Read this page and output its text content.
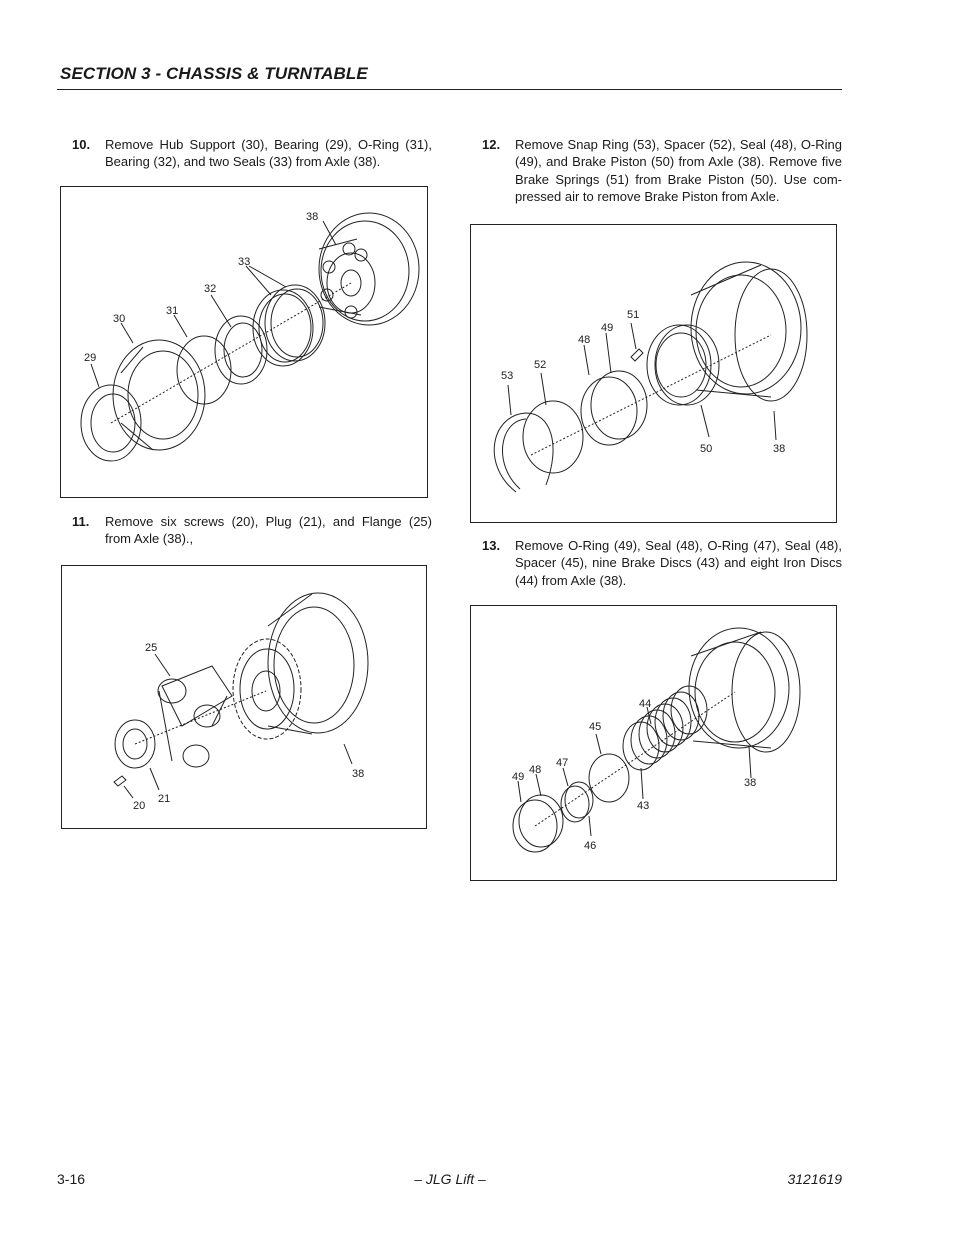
SECTION 3 - CHASSIS & TURNTABLE
10. Remove Hub Support (30), Bearing (29), O-Ring (31), Bearing (32), and two Seals (33) from Axle (38).
38
33
32
31
30
29
11. Remove six screws (20), Plug (21), and Flange (25) from Axle (38).,
25
38
21
20
12. Remove Snap Ring (53), Spacer (52), Seal (48), O-Ring (49), and Brake Piston (50) from Axle (38). Remove five Brake Springs (51) from Brake Piston (50). Use com-pressed air to remove Brake Piston from Axle.
51
49
48
52
53
50	38
13. Remove O-Ring (49), Seal (48), O-Ring (47), Seal (48), Spacer (45), nine Brake Discs (43) and eight Iron Discs (44) from Axle (38).
44
45
47
48
49
43
46
38
3-16	– JLG Lift –	3121619
